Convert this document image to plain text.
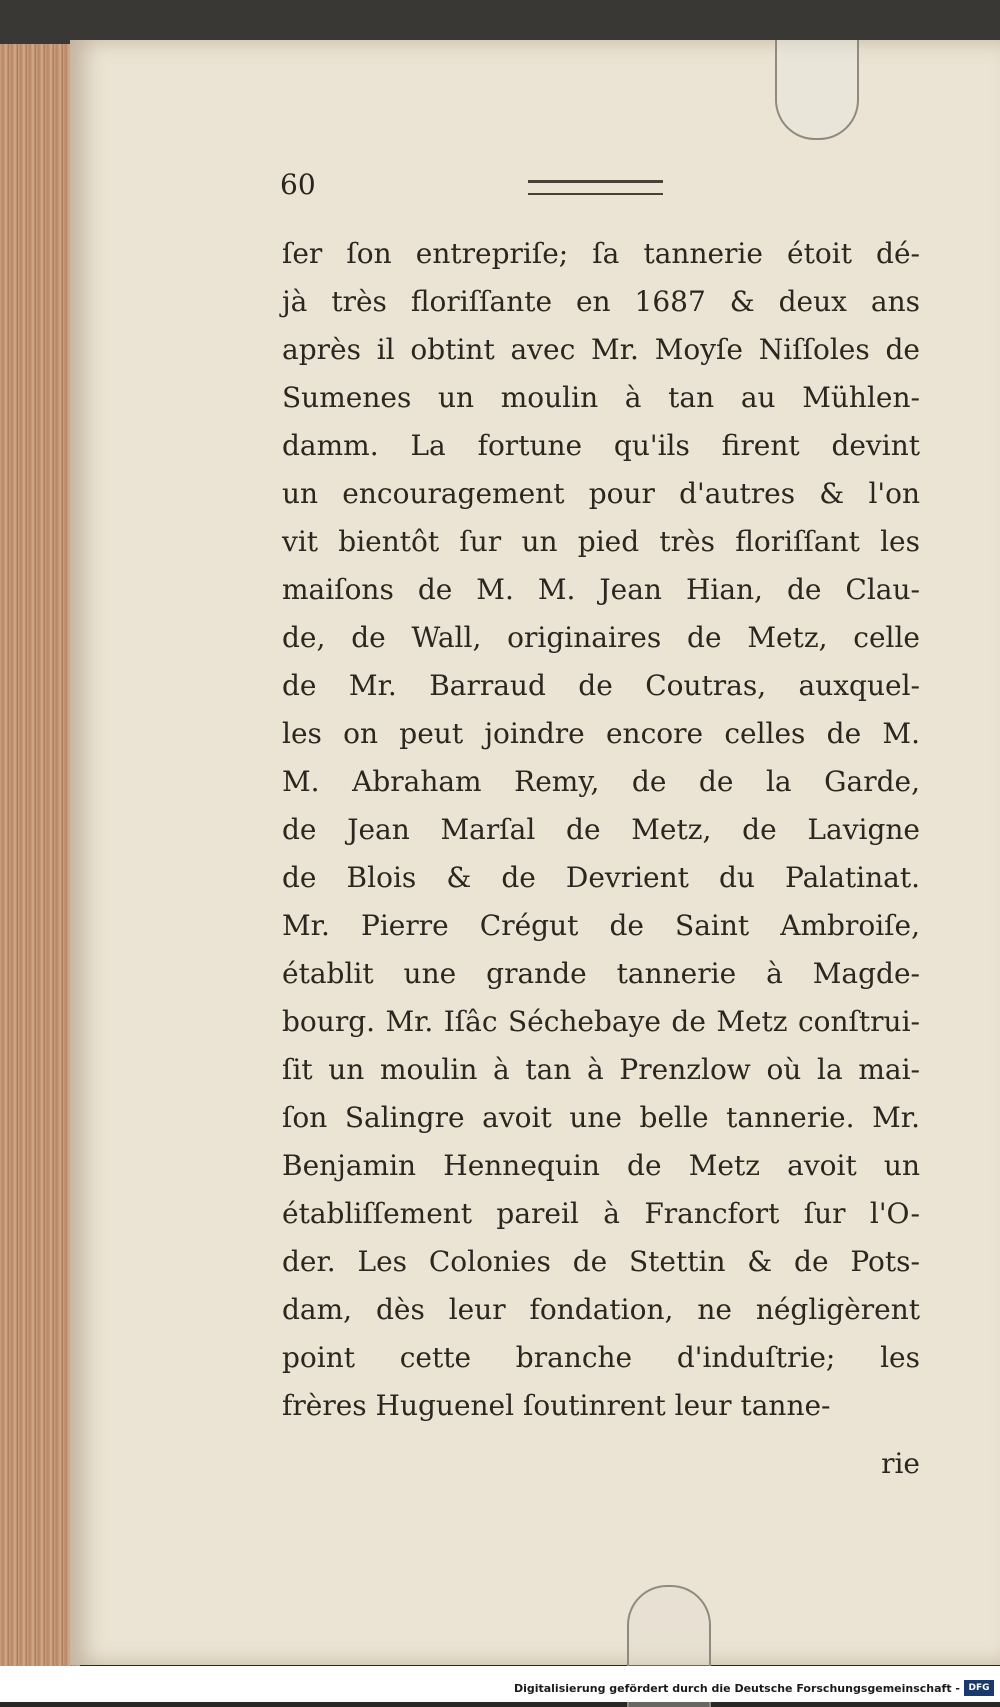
60
ſer ſon entrepriſe; ſa tannerie étoit dé-
jà très floriſſante en 1687 & deux ans
après il obtint avec Mr. Moyſe Niſſoles de
Sumenes un moulin à tan au Mühlen-
damm. La fortune qu'ils firent devint
un encouragement pour d'autres & l'on
vit bientôt ſur un pied très floriſſant les
maiſons de M. M. Jean Hian, de Clau-
de, de Wall, originaires de Metz, celle
de Mr. Barraud de Coutras, auxquel-
les on peut joindre encore celles de M.
M. Abraham Remy, de de la Garde,
de Jean Marſal de Metz, de Lavigne
de Blois & de Devrient du Palatinat.
Mr. Pierre Crégut de Saint Ambroiſe,
établit une grande tannerie à Magde-
bourg. Mr. Iſâc Séchebaye de Metz conſtrui-
ſit un moulin à tan à Prenzlow où la mai-
ſon Salingre avoit une belle tannerie. Mr.
Benjamin Hennequin de Metz avoit un
établiſſement pareil à Francfort ſur l'O-
der. Les Colonies de Stettin & de Pots-
dam, dès leur fondation, ne négligèrent
point cette branche d'induſtrie; les
frères Huguenel ſoutinrent leur tanne-
rie
Digitalisierung gefördert durch die Deutsche Forschungsgemeinschaft - DFG
